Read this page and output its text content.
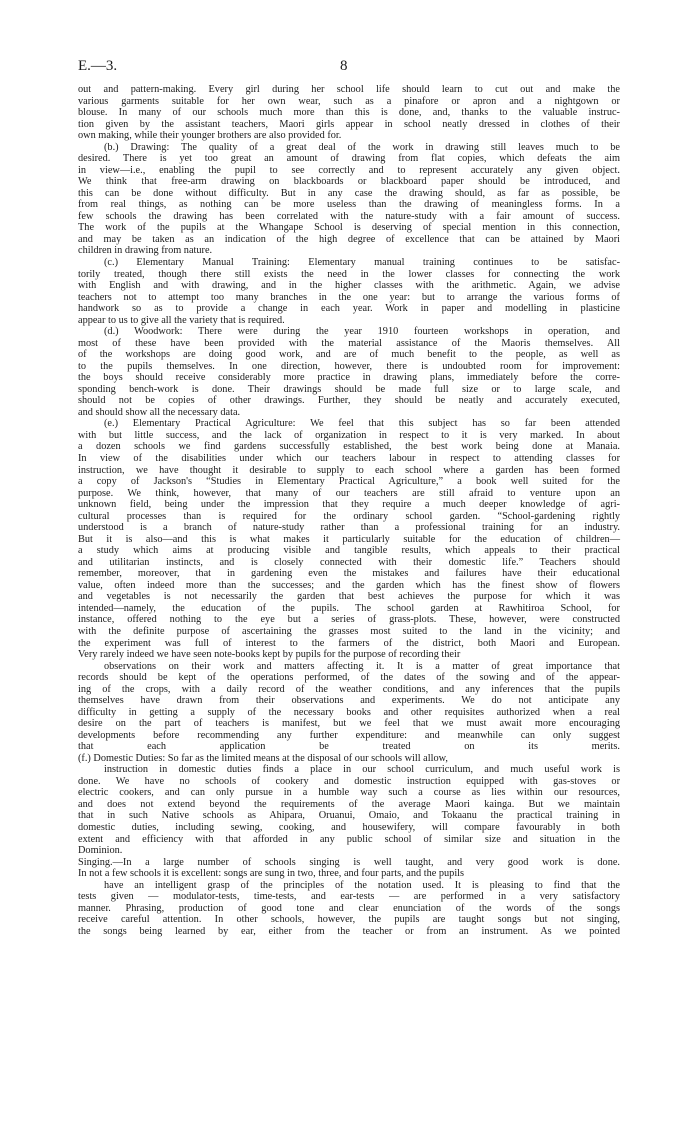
E.—3.	8
out and pattern-making. Every girl during her school life should learn to cut out and make the
various garments suitable for her own wear, such as a pinafore or apron and a nightgown or
blouse. In many of our schools much more than this is done, and, thanks to the valuable instruc-
tion given by the assistant teachers, Maori girls appear in school neatly dressed in clothes of their
own making, while their younger brothers are also provided for.
(b.) Drawing: The quality of a great deal of the work in drawing still leaves much to be
desired. There is yet too great an amount of drawing from flat copies, which defeats the aim
in view—i.e., enabling the pupil to see correctly and to represent accurately any given object.
We think that free-arm drawing on blackboards or blackboard paper should be introduced, and
this can be done without difficulty. But in any case the drawing should, as far as possible, be
from real things, as nothing can be more useless than the drawing of meaningless forms. In a
few schools the drawing has been correlated with the nature-study with a fair amount of success.
The work of the pupils at the Whangape School is deserving of special mention in this connection,
and may be taken as an indication of the high degree of excellence that can be attained by Maori
children in drawing from nature.
(c.) Elementary Manual Training: Elementary manual training continues to be satisfac-
torily treated, though there still exists the need in the lower classes for connecting the work
with English and with drawing, and in the higher classes with the arithmetic. Again, we advise
teachers not to attempt too many branches in the one year: but to arrange the various forms of
handwork so as to provide a change in each year. Work in paper and modelling in plasticine
appear to us to give all the variety that is required.
(d.) Woodwork: There were during the year 1910 fourteen workshops in operation, and
most of these have been provided with the material assistance of the Maoris themselves. All
of the workshops are doing good work, and are of much benefit to the people, as well as
to the pupils themselves. In one direction, however, there is undoubted room for improvement:
the boys should receive considerably more practice in drawing plans, immediately before the corre-
sponding bench-work is done. Their drawings should be made full size or to large scale, and
should not be copies of other drawings. Further, they should be neatly and accurately executed,
and should show all the necessary data.
(e.) Elementary Practical Agriculture: We feel that this subject has so far been attended
with but little success, and the lack of organization in respect to it is very marked. In about
a dozen schools we find gardens successfully established, the best work being done at Manaia.
In view of the disabilities under which our teachers labour in respect to attending classes for
instruction, we have thought it desirable to supply to each school where a garden has been formed
a copy of Jackson's “Studies in Elementary Practical Agriculture,” a book well suited for the
purpose. We think, however, that many of our teachers are still afraid to venture upon an
unknown field, being under the impression that they require a much deeper knowledge of agri-
cultural processes than is required for the ordinary school garden. “School-gardening rightly
understood is a branch of nature-study rather than a professional training for an industry.
But it is also—and this is what makes it particularly suitable for the education of children—
a study which aims at producing visible and tangible results, which appeals to their practical
and utilitarian instincts, and is closely connected with their domestic life.” Teachers should
remember, moreover, that in gardening even the mistakes and failures have their educational
value, often indeed more than the successes; and the garden which has the finest show of flowers
and vegetables is not necessarily the garden that best achieves the purpose for which it was
intended—namely, the education of the pupils. The school garden at Rawhitiroa School, for
instance, offered nothing to the eye but a series of grass-plots. These, however, were constructed
with the definite purpose of ascertaining the grasses most suited to the land in the vicinity; and
the experiment was full of interest to the farmers of the district, both Maori and European.
Very rarely indeed we have seen note-books kept by pupils for the purpose of recording their
observations on their work and matters affecting it. It is a matter of great importance that
records should be kept of the operations performed, of the dates of the sowing and of the appear-
ing of the crops, with a daily record of the weather conditions, and any inferences that the pupils
themselves have drawn from their observations and experiments. We do not anticipate any
difficulty in getting a supply of the necessary books and other requisites authorized when a real
desire on the part of teachers is manifest, but we feel that we must await more encouraging
developments before recommending any further expenditure: and meanwhile can only suggest
that each application be treated on its merits.
(f.) Domestic Duties: So far as the limited means at the disposal of our schools will allow,
instruction in domestic duties finds a place in our school curriculum, and much useful work is
done. We have no schools of cookery and domestic instruction equipped with gas-stoves or
electric cookers, and can only pursue in a humble way such a course as lies within our resources,
and does not extend beyond the requirements of the average Maori kainga. But we maintain
that in such Native schools as Ahipara, Oruanui, Omaio, and Tokaanu the practical training in
domestic duties, including sewing, cooking, and housewifery, will compare favourably in both
extent and efficiency with that afforded in any public school of similar size and situation in the
Dominion.
Singing.—In a large number of schools singing is well taught, and very good work is done.
In not a few schools it is excellent: songs are sung in two, three, and four parts, and the pupils
have an intelligent grasp of the principles of the notation used. It is pleasing to find that the
tests given — modulator-tests, time-tests, and ear-tests — are performed in a very satisfactory
manner. Phrasing, production of good tone and clear enunciation of the words of the songs
receive careful attention. In other schools, however, the pupils are taught songs but not singing,
the songs being learned by ear, either from the teacher or from an instrument. As we pointed
